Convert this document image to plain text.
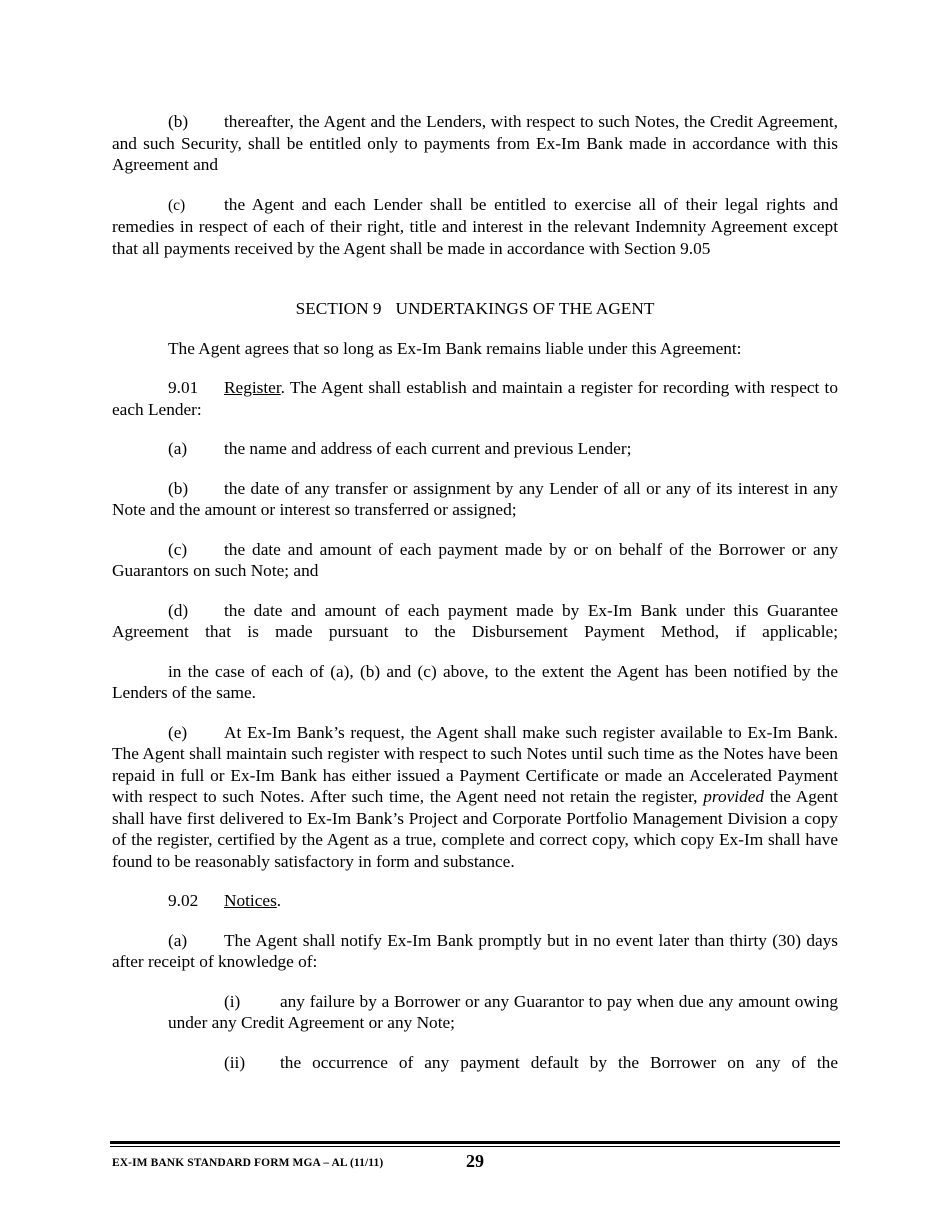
(b) thereafter, the Agent and the Lenders, with respect to such Notes, the Credit Agreement, and such Security, shall be entitled only to payments from Ex-Im Bank made in accordance with this Agreement and

(c) the Agent and each Lender shall be entitled to exercise all of their legal rights and remedies in respect of each of their right, title and interest in the relevant Indemnity Agreement except that all payments received by the Agent shall be made in accordance with Section 9.05

SECTION 9 UNDERTAKINGS OF THE AGENT

The Agent agrees that so long as Ex-Im Bank remains liable under this Agreement:

9.01 Register. The Agent shall establish and maintain a register for recording with respect to each Lender:

(a) the name and address of each current and previous Lender;

(b) the date of any transfer or assignment by any Lender of all or any of its interest in any Note and the amount or interest so transferred or assigned;

(c) the date and amount of each payment made by or on behalf of the Borrower or any Guarantors on such Note; and

(d) the date and amount of each payment made by Ex-Im Bank under this Guarantee Agreement that is made pursuant to the Disbursement Payment Method, if applicable;

in the case of each of (a), (b) and (c) above, to the extent the Agent has been notified by the Lenders of the same.

(e) At Ex-Im Bank’s request, the Agent shall make such register available to Ex-Im Bank. The Agent shall maintain such register with respect to such Notes until such time as the Notes have been repaid in full or Ex-Im Bank has either issued a Payment Certificate or made an Accelerated Payment with respect to such Notes. After such time, the Agent need not retain the register, provided the Agent shall have first delivered to Ex-Im Bank’s Project and Corporate Portfolio Management Division a copy of the register, certified by the Agent as a true, complete and correct copy, which copy Ex-Im shall have found to be reasonably satisfactory in form and substance.

9.02 Notices.

(a) The Agent shall notify Ex-Im Bank promptly but in no event later than thirty (30) days after receipt of knowledge of:

(i) any failure by a Borrower or any Guarantor to pay when due any amount owing under any Credit Agreement or any Note;

(ii) the occurrence of any payment default by the Borrower on any of the

EX-IM BANK STANDARD FORM MGA – AL (11/11)	29
